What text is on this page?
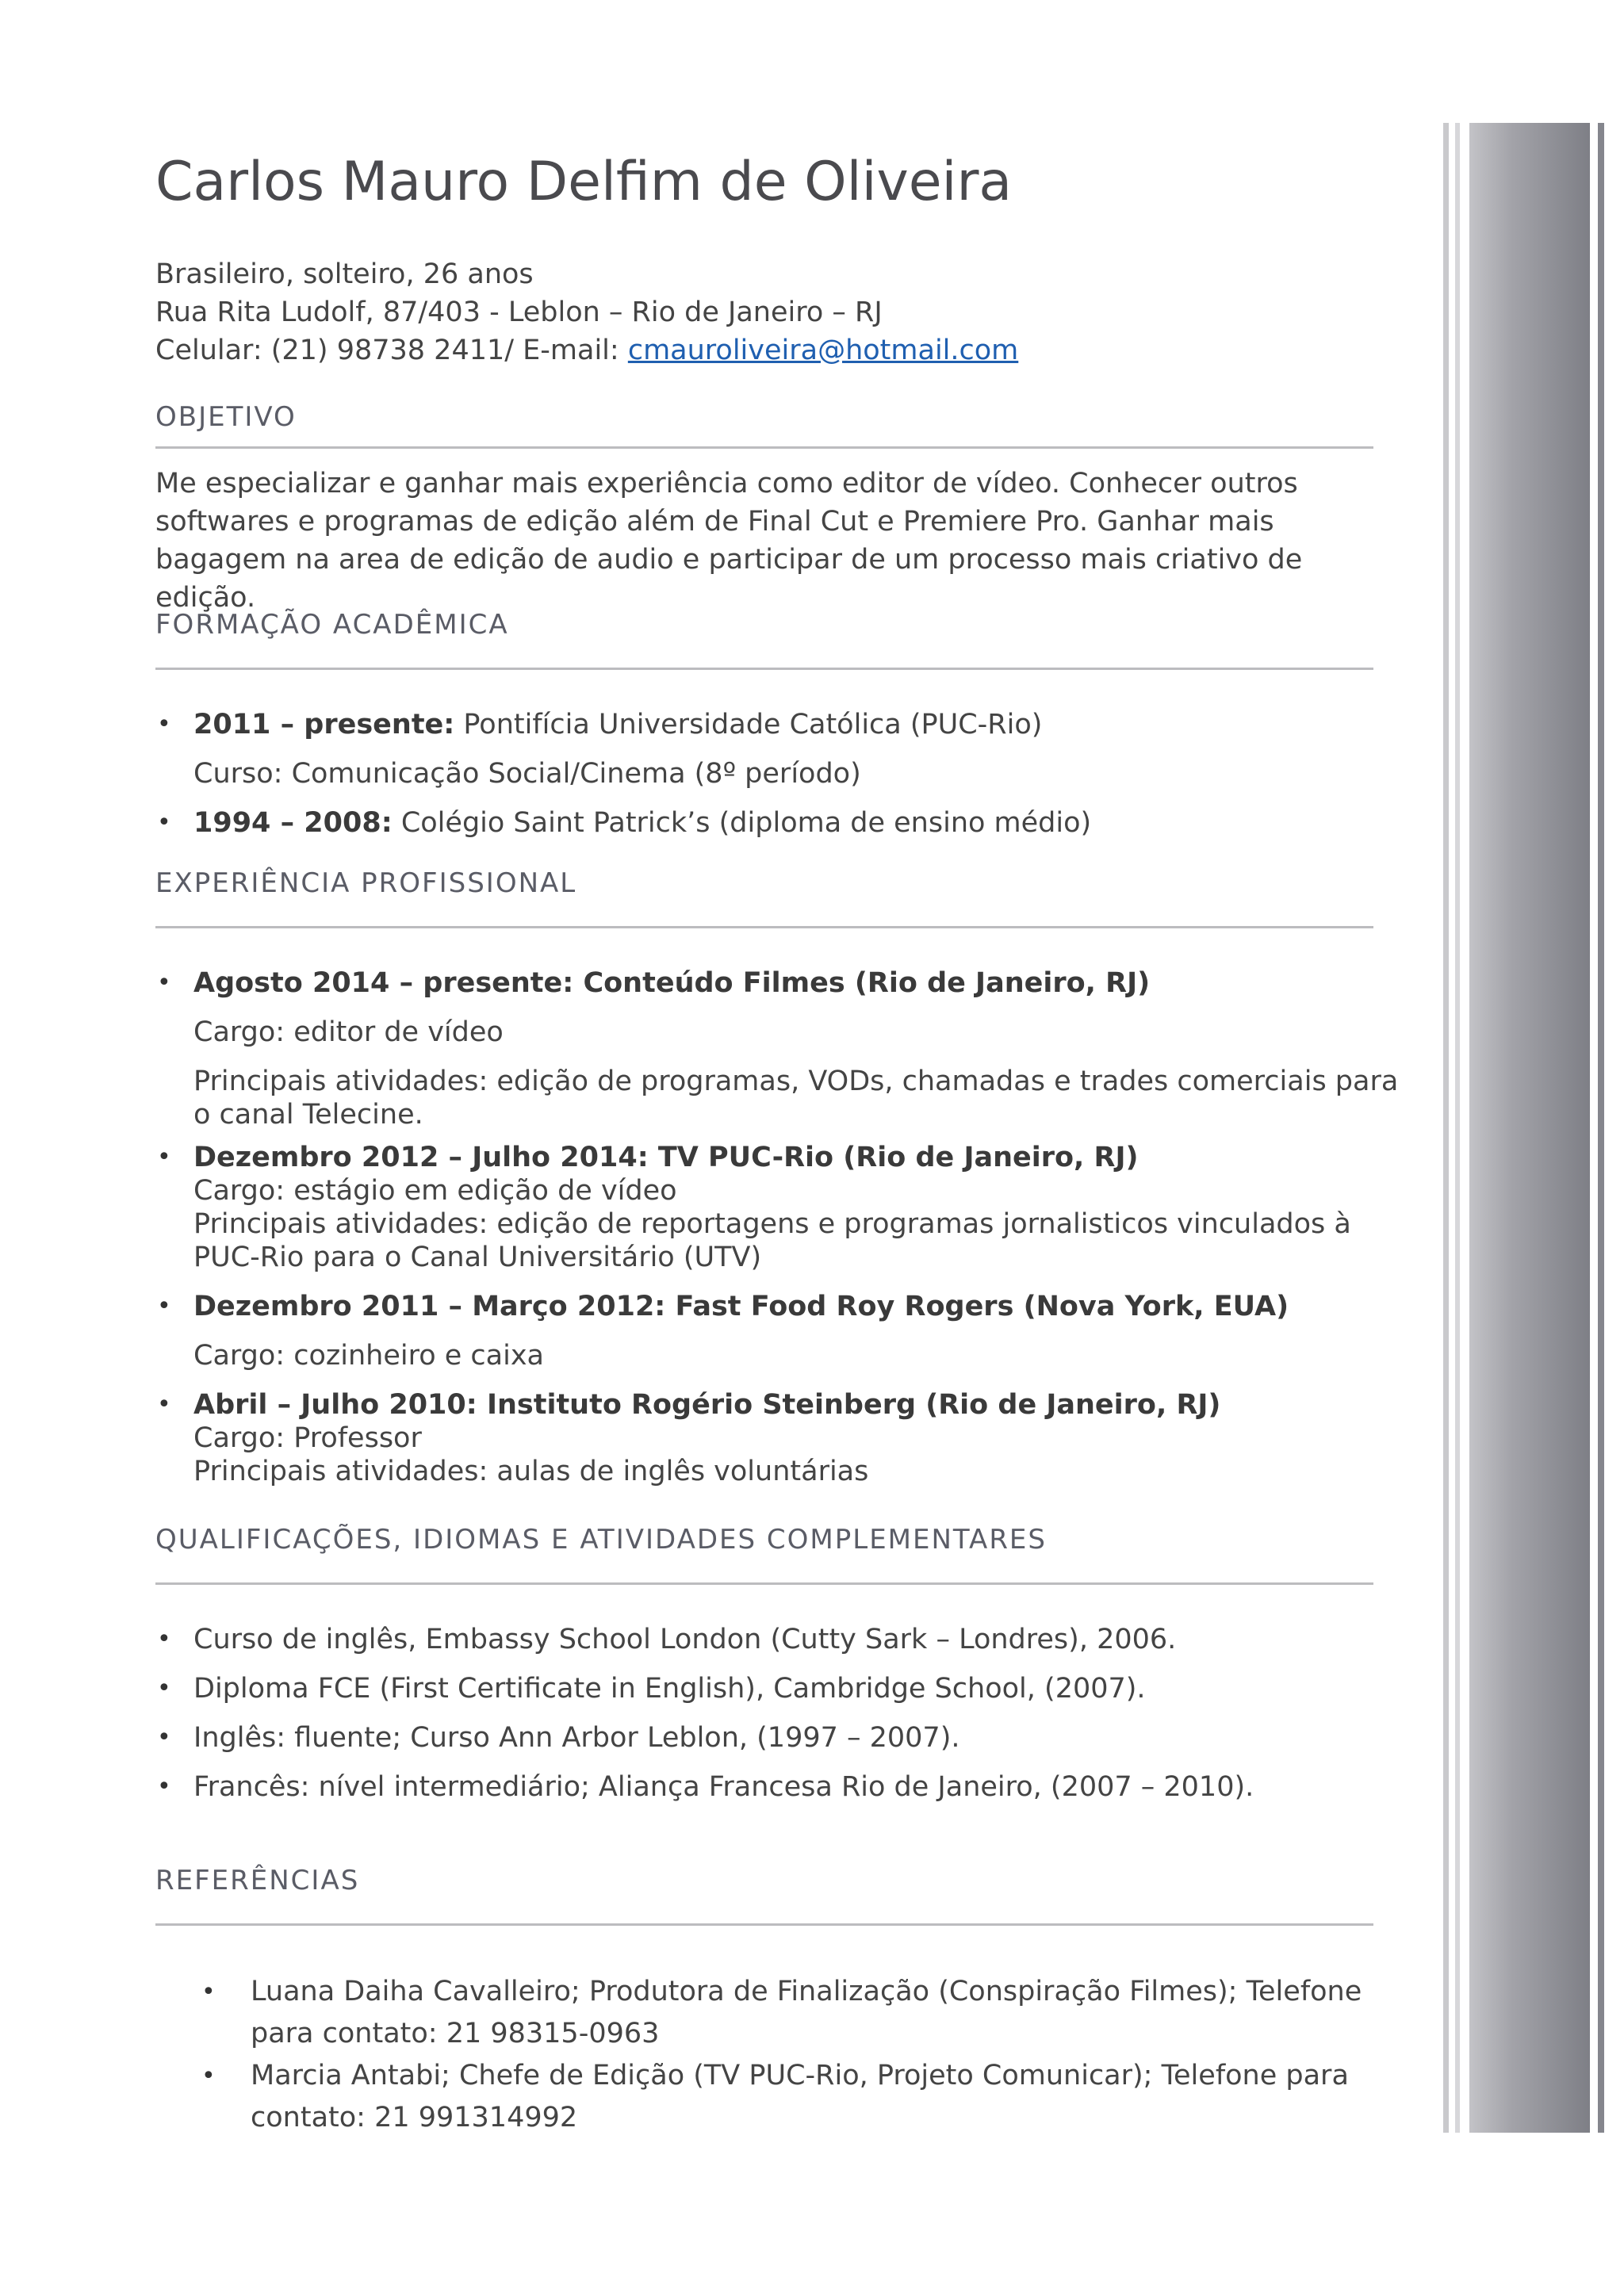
Carlos Mauro Delfim de Oliveira
Brasileiro, solteiro, 26 anos
Rua Rita Ludolf, 87/403 - Leblon – Rio de Janeiro – RJ
Celular: (21) 98738 2411/ E-mail: cmauroliveira@hotmail.com
OBJETIVO
Me especializar e ganhar mais experiência como editor de vídeo. Conhecer outros softwares e programas de edição além de Final Cut e Premiere Pro. Ganhar mais bagagem na area de edição de audio e participar de um processo mais criativo de edição.
FORMAÇÃO ACADÊMICA
• 2011 – presente: Pontifícia Universidade Católica (PUC-Rio)
Curso: Comunicação Social/Cinema (8º período)
• 1994 – 2008: Colégio Saint Patrick’s (diploma de ensino médio)
EXPERIÊNCIA PROFISSIONAL
• Agosto 2014 – presente: Conteúdo Filmes (Rio de Janeiro, RJ)
Cargo: editor de vídeo
Principais atividades: edição de programas, VODs, chamadas e trades comerciais para o canal Telecine.
• Dezembro 2012 – Julho 2014: TV PUC-Rio (Rio de Janeiro, RJ)
Cargo: estágio em edição de vídeo
Principais atividades: edição de reportagens e programas jornalisticos vinculados à PUC-Rio para o Canal Universitário (UTV)
• Dezembro 2011 – Março 2012: Fast Food Roy Rogers (Nova York, EUA)
Cargo: cozinheiro e caixa
• Abril – Julho 2010: Instituto Rogério Steinberg (Rio de Janeiro, RJ)
Cargo: Professor
Principais atividades: aulas de inglês voluntárias
QUALIFICAÇÕES, IDIOMAS E ATIVIDADES COMPLEMENTARES
• Curso de inglês, Embassy School London (Cutty Sark – Londres), 2006.
• Diploma FCE (First Certificate in English), Cambridge School, (2007).
• Inglês: fluente; Curso Ann Arbor Leblon, (1997 – 2007).
• Francês: nível intermediário; Aliança Francesa Rio de Janeiro, (2007 – 2010).
REFERÊNCIAS
• Luana Daiha Cavalleiro; Produtora de Finalização (Conspiração Filmes); Telefone para contato: 21 98315-0963
• Marcia Antabi; Chefe de Edição (TV PUC-Rio, Projeto Comunicar); Telefone para contato: 21 991314992
